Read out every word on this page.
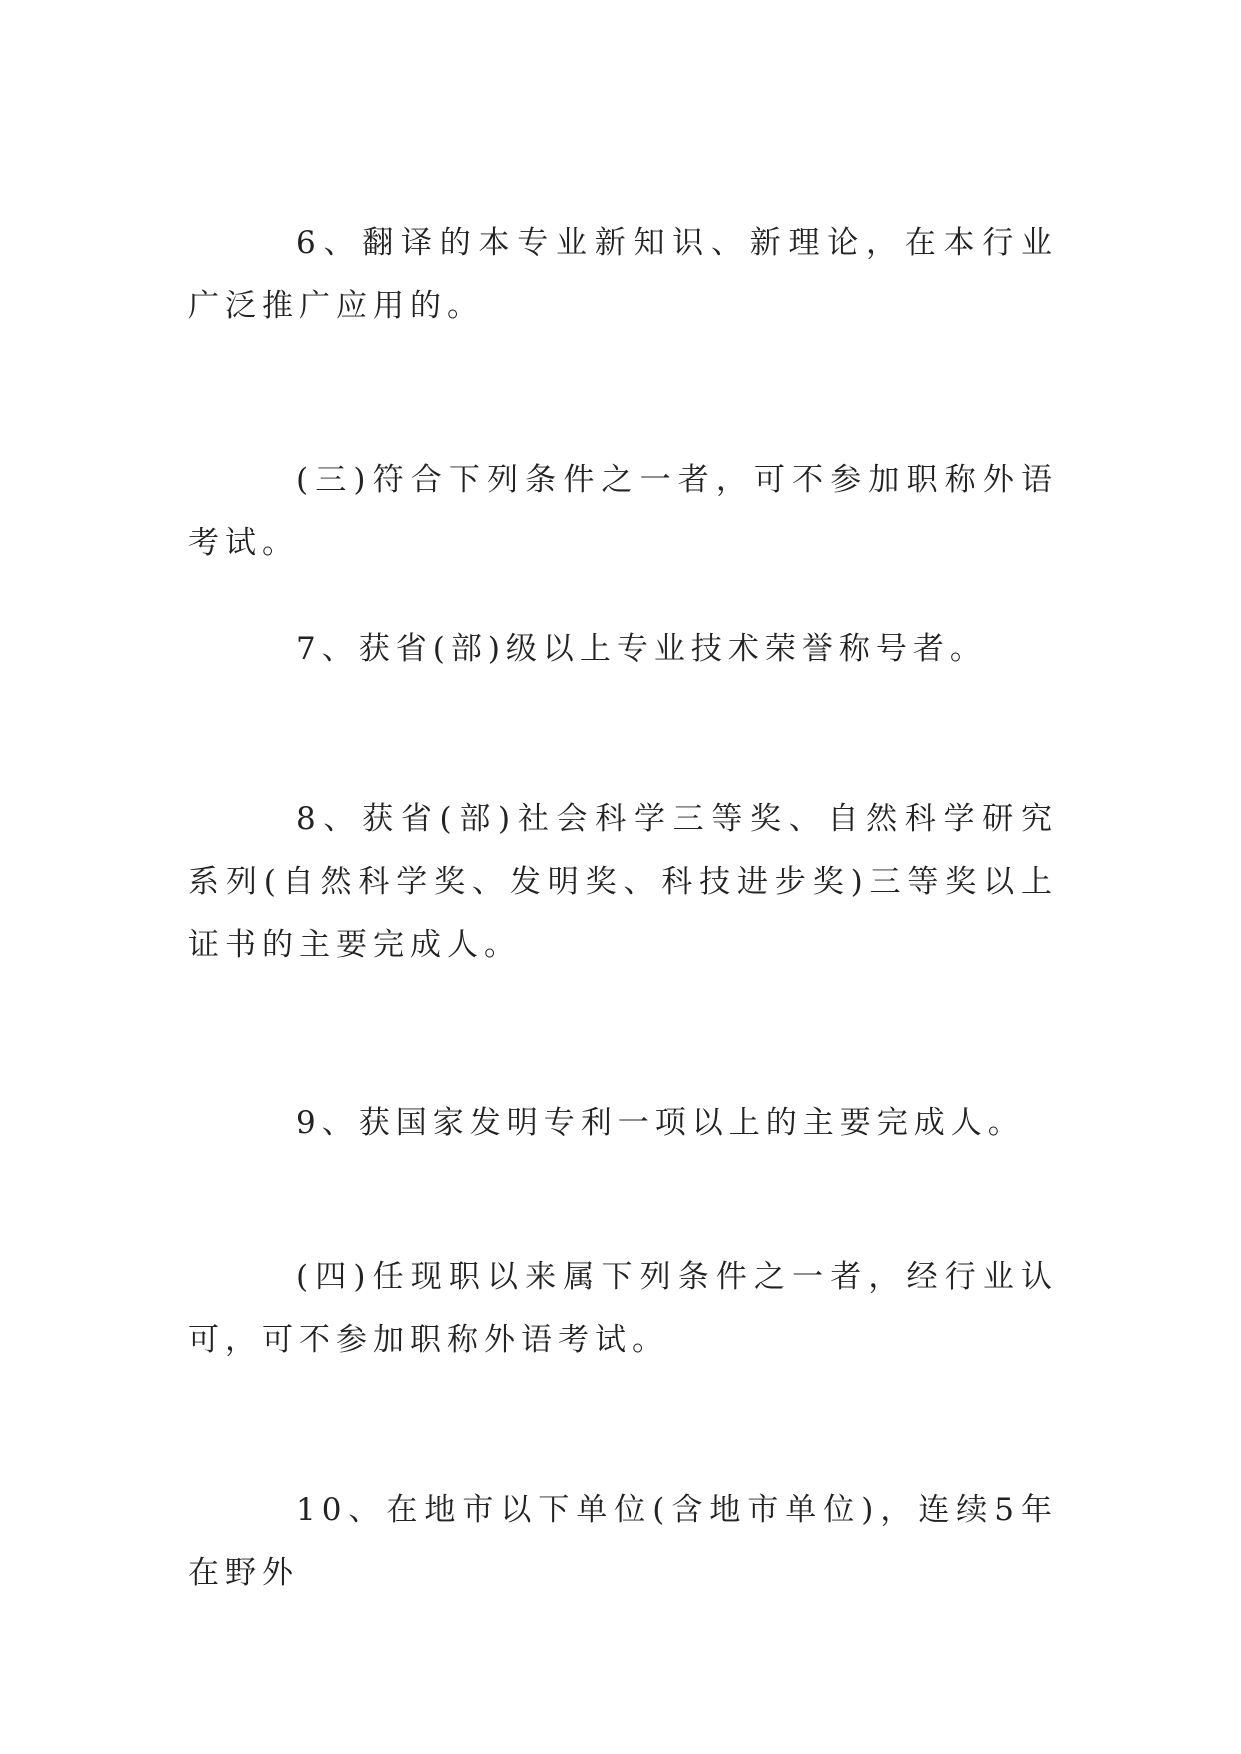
6、翻译的本专业新知识、新理论，在本行业广泛推广应用的。

(三)符合下列条件之一者，可不参加职称外语考试。

7、获省(部)级以上专业技术荣誉称号者。

8、获省(部)社会科学三等奖、自然科学研究系列(自然科学奖、发明奖、科技进步奖)三等奖以上证书的主要完成人。

9、获国家发明专利一项以上的主要完成人。

(四)任现职以来属下列条件之一者，经行业认可，可不参加职称外语考试。

10、在地市以下单位(含地市单位)，连续5年在野外
